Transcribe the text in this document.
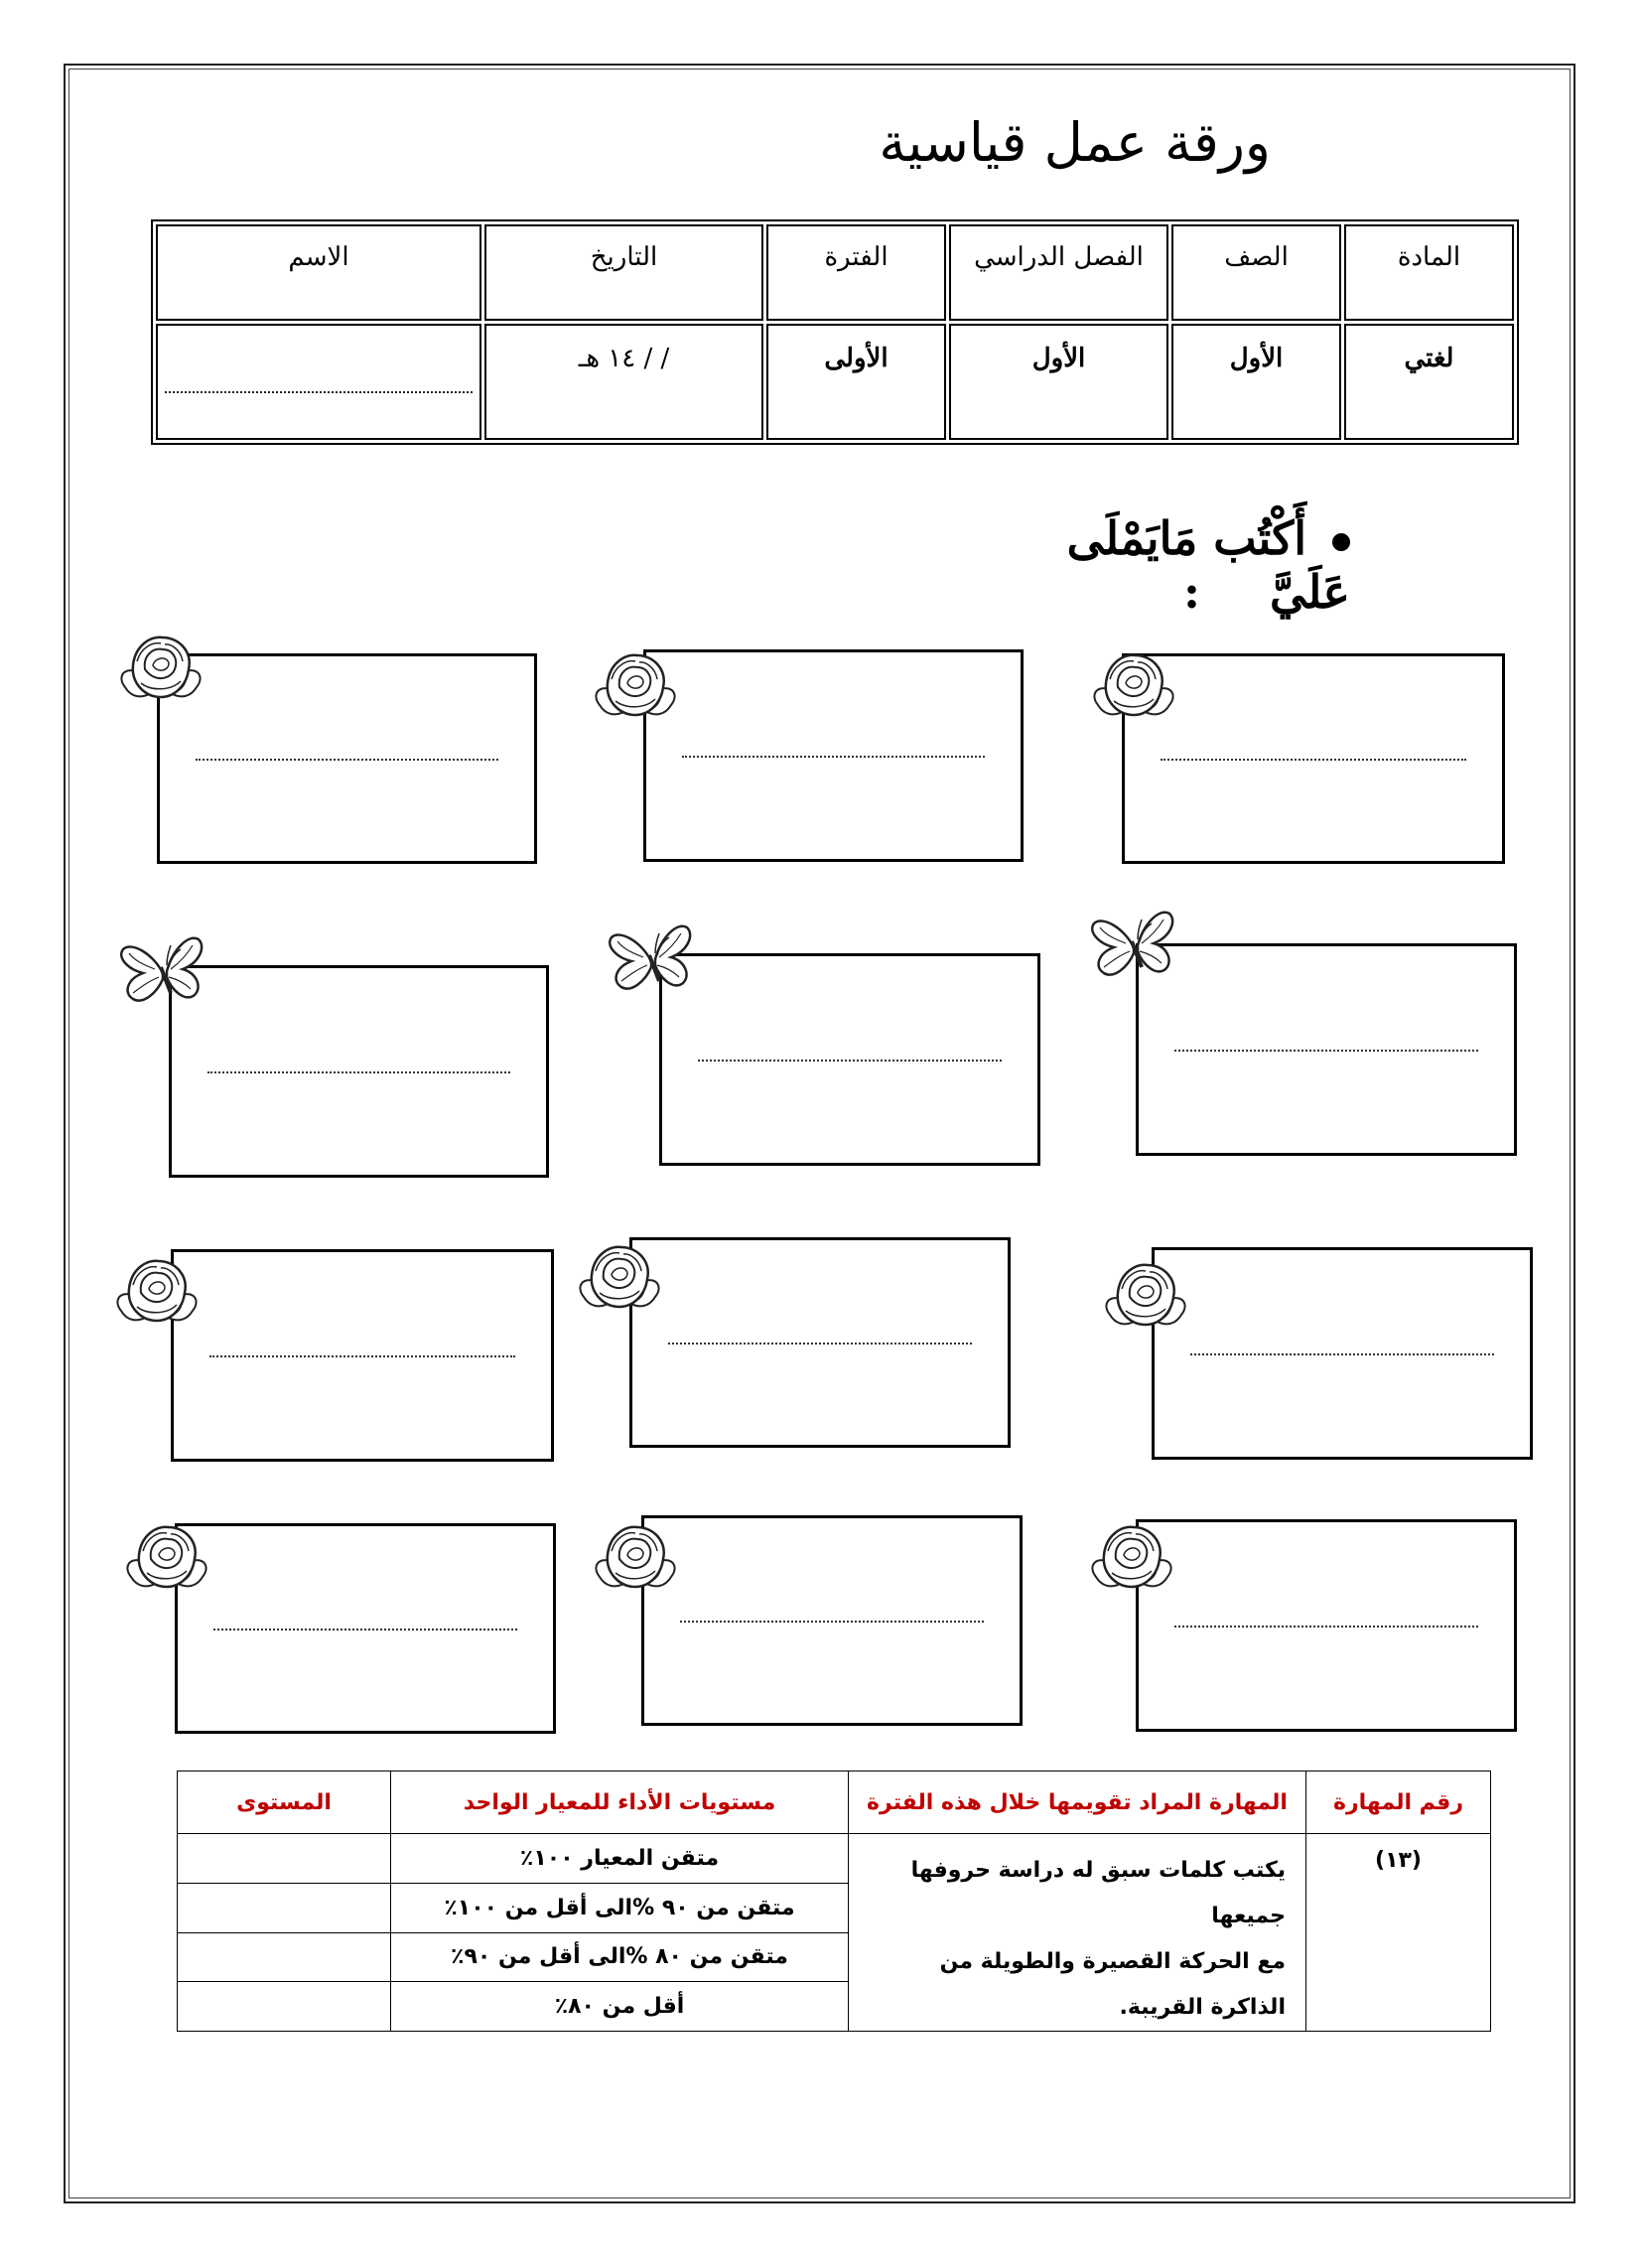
ورقة عمل قياسية
المادة	الصف	الفصل الدراسي	الفترة	التاريخ	الاسم
لغتي	الأول	الأول	الأولى	/ / ١٤ هـ	
أَكْتُب مَايَمْلَى عَلَيَّ:
رقم المهارة	المهارة المراد تقويمها خلال هذه الفترة	مستويات الأداء للمعيار الواحد	المستوى
(١٣)	يكتب كلمات سبق له دراسة حروفها جميعها
مع الحركة القصيرة والطويلة من الذاكرة القريبة.	متقن المعيار ١٠٠٪	
		متقن من ٩٠ %الى أقل من ١٠٠٪	
		متقن من ٨٠ %الى أقل من ٩٠٪	
		أقل من ٨٠٪	
